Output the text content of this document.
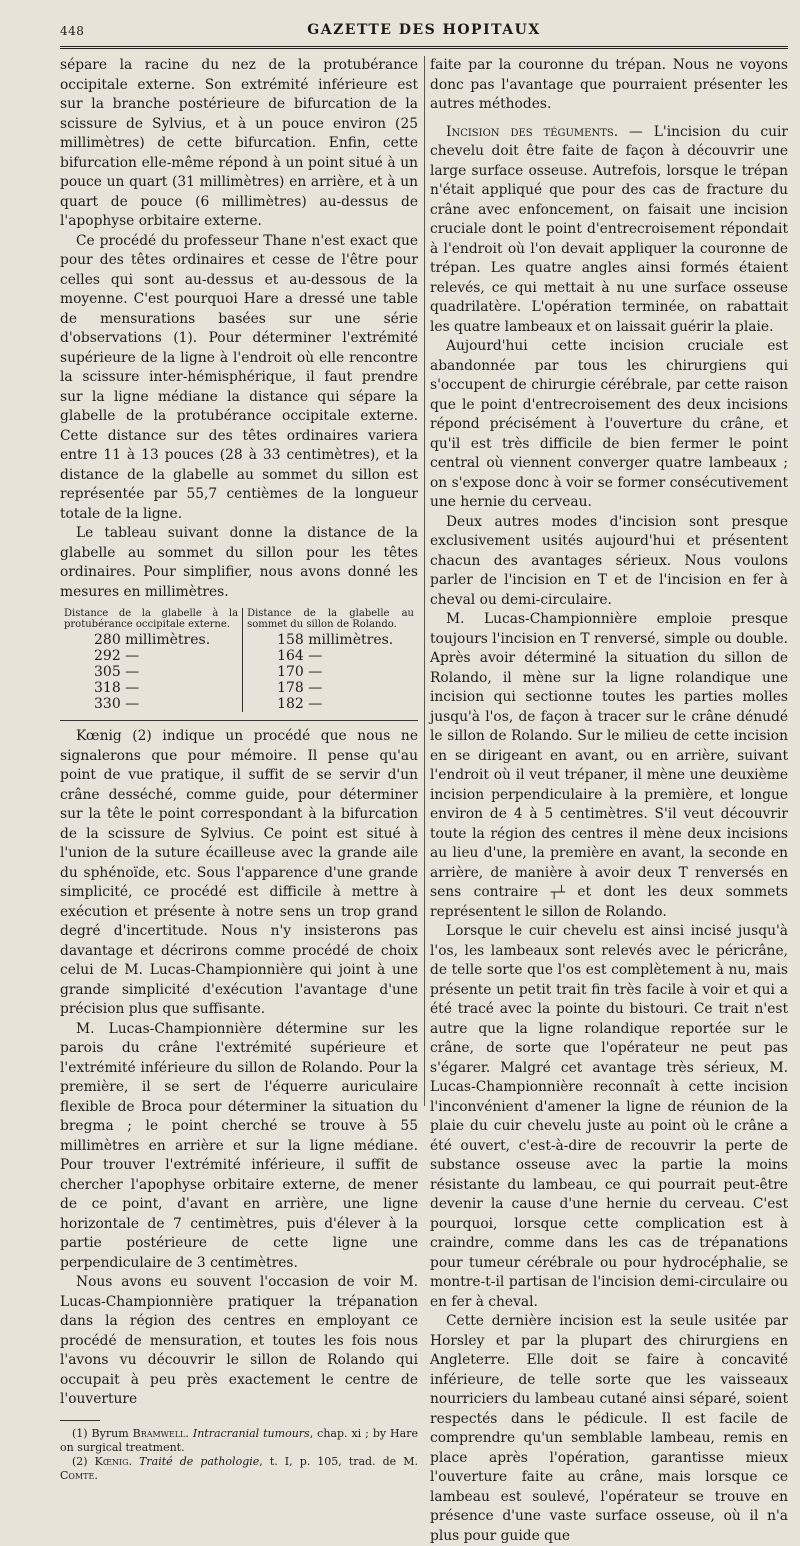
448	GAZETTE DES HOPITAUX

sépare la racine du nez de la protubérance occipitale externe. Son extrémité inférieure est sur la branche postérieure de bifurcation de la scissure de Sylvius, et à un pouce environ (25 millimètres) de cette bifurcation. Enfin, cette bifurcation elle-même répond à un point situé à un pouce un quart (31 millimètres) en arrière, et à un quart de pouce (6 millimètres) au-dessus de l'apophyse orbitaire externe.

Ce procédé du professeur Thane n'est exact que pour des têtes ordinaires et cesse de l'être pour celles qui sont au-dessus et au-dessous de la moyenne. C'est pourquoi Hare a dressé une table de mensurations basées sur une série d'observations (1). Pour déterminer l'extrémité supérieure de la ligne à l'endroit où elle rencontre la scissure inter-hémisphérique, il faut prendre sur la ligne médiane la distance qui sépare la glabelle de la protubérance occipitale externe. Cette distance sur des têtes ordinaires variera entre 11 à 13 pouces (28 à 33 centimètres), et la distance de la glabelle au sommet du sillon est représentée par 55,7 centièmes de la longueur totale de la ligne.

Le tableau suivant donne la distance de la glabelle au sommet du sillon pour les têtes ordinaires. Pour simplifier, nous avons donné les mesures en millimètres.

Distance de la glabelle à la protubérance occipitale externe.	Distance de la glabelle au sommet du sillon de Rolando.
280 millimètres.	158 millimètres.
292 —	164 —
305 —	170 —
318 —	178 —
330 —	182 —

Kœnig (2) indique un procédé que nous ne signalerons que pour mémoire. Il pense qu'au point de vue pratique, il suffit de se servir d'un crâne desséché, comme guide, pour déterminer sur la tête le point correspondant à la bifurcation de la scissure de Sylvius. Ce point est situé à l'union de la suture écailleuse avec la grande aile du sphénoïde, etc. Sous l'apparence d'une grande simplicité, ce procédé est difficile à mettre à exécution et présente à notre sens un trop grand degré d'incertitude. Nous n'y insisterons pas davantage et décrirons comme procédé de choix celui de M. Lucas-Championnière qui joint à une grande simplicité d'exécution l'avantage d'une précision plus que suffisante.

M. Lucas-Championnière détermine sur les parois du crâne l'extrémité supérieure et l'extrémité inférieure du sillon de Rolando. Pour la première, il se sert de l'équerre auriculaire flexible de Broca pour déterminer la situation du bregma ; le point cherché se trouve à 55 millimètres en arrière et sur la ligne médiane. Pour trouver l'extrémité inférieure, il suffit de chercher l'apophyse orbitaire externe, de mener de ce point, d'avant en arrière, une ligne horizontale de 7 centimètres, puis d'élever à la partie postérieure de cette ligne une perpendiculaire de 3 centimètres.

Nous avons eu souvent l'occasion de voir M. Lucas-Championnière pratiquer la trépanation dans la région des centres en employant ce procédé de mensuration, et toutes les fois nous l'avons vu découvrir le sillon de Rolando qui occupait à peu près exactement le centre de l'ouverture

(1) Byrum Bramwell. Intracranial tumours, chap. xi ; by Hare on surgical treatment.

(2) Kœnig. Traité de pathologie, t. I, p. 105, trad. de M. Comte.

faite par la couronne du trépan. Nous ne voyons donc pas l'avantage que pourraient présenter les autres méthodes.

Incision des téguments. — L'incision du cuir chevelu doit être faite de façon à découvrir une large surface osseuse. Autrefois, lorsque le trépan n'était appliqué que pour des cas de fracture du crâne avec enfoncement, on faisait une incision cruciale dont le point d'entrecroisement répondait à l'endroit où l'on devait appliquer la couronne de trépan. Les quatre angles ainsi formés étaient relevés, ce qui mettait à nu une surface osseuse quadrilatère. L'opération terminée, on rabattait les quatre lambeaux et on laissait guérir la plaie.

Aujourd'hui cette incision cruciale est abandonnée par tous les chirurgiens qui s'occupent de chirurgie cérébrale, par cette raison que le point d'entrecroisement des deux incisions répond précisément à l'ouverture du crâne, et qu'il est très difficile de bien fermer le point central où viennent converger quatre lambeaux ; on s'expose donc à voir se former consécutivement une hernie du cerveau.

Deux autres modes d'incision sont presque exclusivement usités aujourd'hui et présentent chacun des avantages sérieux. Nous voulons parler de l'incision en T et de l'incision en fer à cheval ou demi-circulaire.

M. Lucas-Championnière emploie presque toujours l'incision en T renversé, simple ou double. Après avoir déterminé la situation du sillon de Rolando, il mène sur la ligne rolandique une incision qui sectionne toutes les parties molles jusqu'à l'os, de façon à tracer sur le crâne dénudé le sillon de Rolando. Sur le milieu de cette incision en se dirigeant en avant, ou en arrière, suivant l'endroit où il veut trépaner, il mène une deuxième incision perpendiculaire à la première, et longue environ de 4 à 5 centimètres. S'il veut découvrir toute la région des centres il mène deux incisions au lieu d'une, la première en avant, la seconde en arrière, de manière à avoir deux T renversés en sens contraire ┬┴ et dont les deux sommets représentent le sillon de Rolando.

Lorsque le cuir chevelu est ainsi incisé jusqu'à l'os, les lambeaux sont relevés avec le péricrâne, de telle sorte que l'os est complètement à nu, mais présente un petit trait fin très facile à voir et qui a été tracé avec la pointe du bistouri. Ce trait n'est autre que la ligne rolandique reportée sur le crâne, de sorte que l'opérateur ne peut pas s'égarer. Malgré cet avantage très sérieux, M. Lucas-Championnière reconnaît à cette incision l'inconvénient d'amener la ligne de réunion de la plaie du cuir chevelu juste au point où le crâne a été ouvert, c'est-à-dire de recouvrir la perte de substance osseuse avec la partie la moins résistante du lambeau, ce qui pourrait peut-être devenir la cause d'une hernie du cerveau. C'est pourquoi, lorsque cette complication est à craindre, comme dans les cas de trépanations pour tumeur cérébrale ou pour hydrocéphalie, se montre-t-il partisan de l'incision demi-circulaire ou en fer à cheval.

Cette dernière incision est la seule usitée par Horsley et par la plupart des chirurgiens en Angleterre. Elle doit se faire à concavité inférieure, de telle sorte que les vaisseaux nourriciers du lambeau cutané ainsi séparé, soient respectés dans le pédicule. Il est facile de comprendre qu'un semblable lambeau, remis en place après l'opération, garantisse mieux l'ouverture faite au crâne, mais lorsque ce lambeau est soulevé, l'opérateur se trouve en présence d'une vaste surface osseuse, où il n'a plus pour guide que
